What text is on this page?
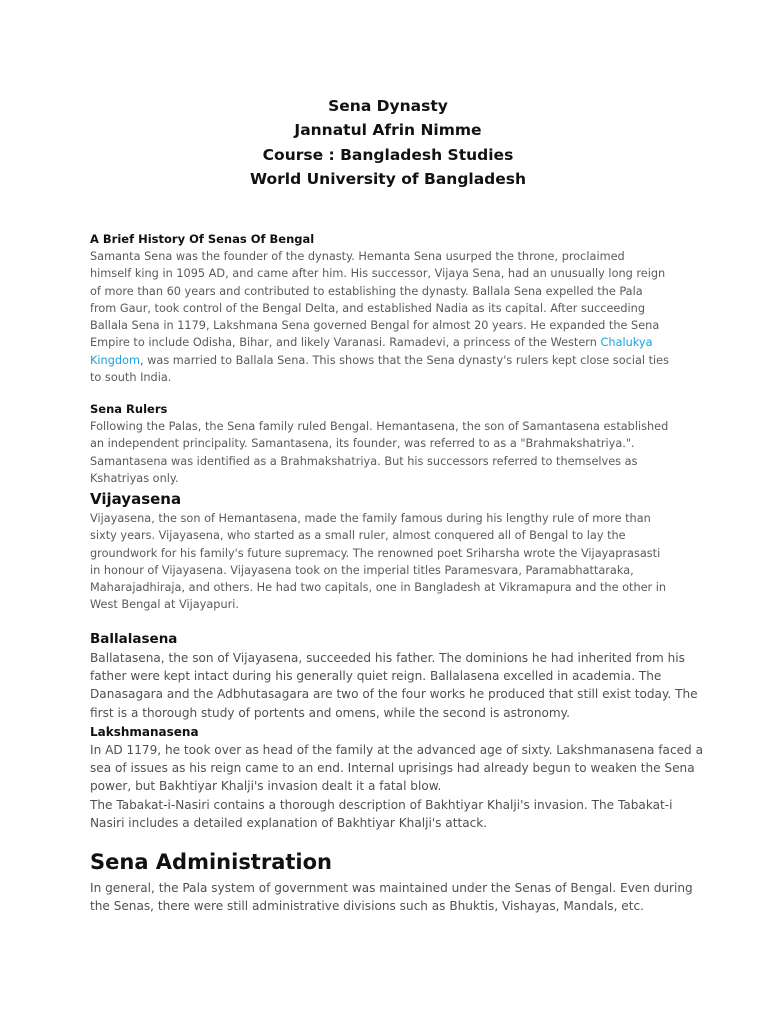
Sena Dynasty
Jannatul Afrin Nimme
Course : Bangladesh Studies
World University of Bangladesh
A Brief History Of Senas Of Bengal
Samanta Sena was the founder of the dynasty. Hemanta Sena usurped the throne, proclaimed
himself king in 1095 AD, and came after him. His successor, Vijaya Sena, had an unusually long reign
of more than 60 years and contributed to establishing the dynasty. Ballala Sena expelled the Pala
from Gaur, took control of the Bengal Delta, and established Nadia as its capital. After succeeding
Ballala Sena in 1179, Lakshmana Sena governed Bengal for almost 20 years. He expanded the Sena
Empire to include Odisha, Bihar, and likely Varanasi. Ramadevi, a princess of the Western Chalukya
Kingdom, was married to Ballala Sena. This shows that the Sena dynasty's rulers kept close social ties
to south India.
Sena Rulers
Following the Palas, the Sena family ruled Bengal. Hemantasena, the son of Samantasena established
an independent principality. Samantasena, its founder, was referred to as a "Brahmakshatriya.".
Samantasena was identified as a Brahmakshatriya. But his successors referred to themselves as
Kshatriyas only.
Vijayasena
Vijayasena, the son of Hemantasena, made the family famous during his lengthy rule of more than
sixty years. Vijayasena, who started as a small ruler, almost conquered all of Bengal to lay the
groundwork for his family's future supremacy. The renowned poet Sriharsha wrote the Vijayaprasasti
in honour of Vijayasena. Vijayasena took on the imperial titles Paramesvara, Paramabhattaraka,
Maharajadhiraja, and others. He had two capitals, one in Bangladesh at Vikramapura and the other in
West Bengal at Vijayapuri.
Ballalasena
Ballatasena, the son of Vijayasena, succeeded his father. The dominions he had inherited from his
father were kept intact during his generally quiet reign. Ballalasena excelled in academia. The
Danasagara and the Adbhutasagara are two of the four works he produced that still exist today. The
first is a thorough study of portents and omens, while the second is astronomy.
Lakshmanasena
In AD 1179, he took over as head of the family at the advanced age of sixty. Lakshmanasena faced a
sea of issues as his reign came to an end. Internal uprisings had already begun to weaken the Sena
power, but Bakhtiyar Khalji's invasion dealt it a fatal blow.
The Tabakat-i-Nasiri contains a thorough description of Bakhtiyar Khalji's invasion. The Tabakat-i
Nasiri includes a detailed explanation of Bakhtiyar Khalji's attack.
Sena Administration
In general, the Pala system of government was maintained under the Senas of Bengal. Even during
the Senas, there were still administrative divisions such as Bhuktis, Vishayas, Mandals, etc.
